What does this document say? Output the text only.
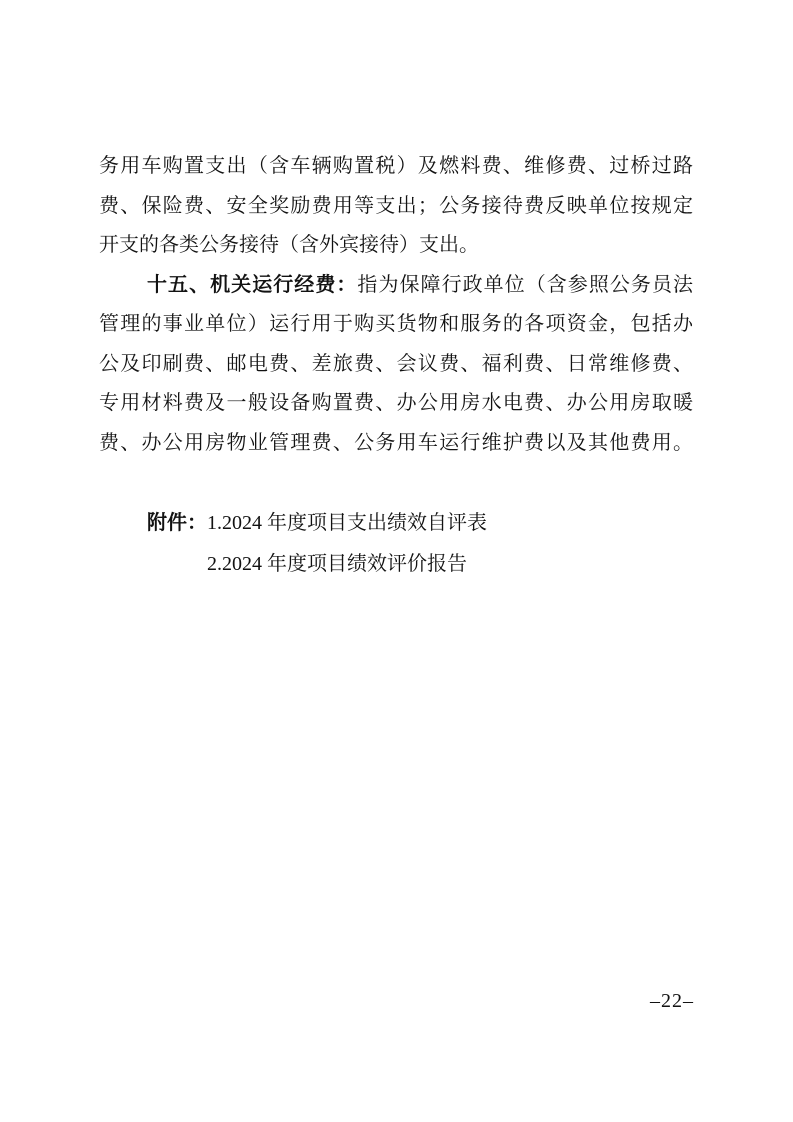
务用车购置支出（含车辆购置税）及燃料费、维修费、过桥过路
费、保险费、安全奖励费用等支出；公务接待费反映单位按规定
开支的各类公务接待（含外宾接待）支出。
十五、机关运行经费：指为保障行政单位（含参照公务员法
管理的事业单位）运行用于购买货物和服务的各项资金，包括办
公及印刷费、邮电费、差旅费、会议费、福利费、日常维修费、
专用材料费及一般设备购置费、办公用房水电费、办公用房取暖
费、办公用房物业管理费、公务用车运行维护费以及其他费用。
附件： 1.2024 年度项目支出绩效自评表
2.2024 年度项目绩效评价报告
–22–
